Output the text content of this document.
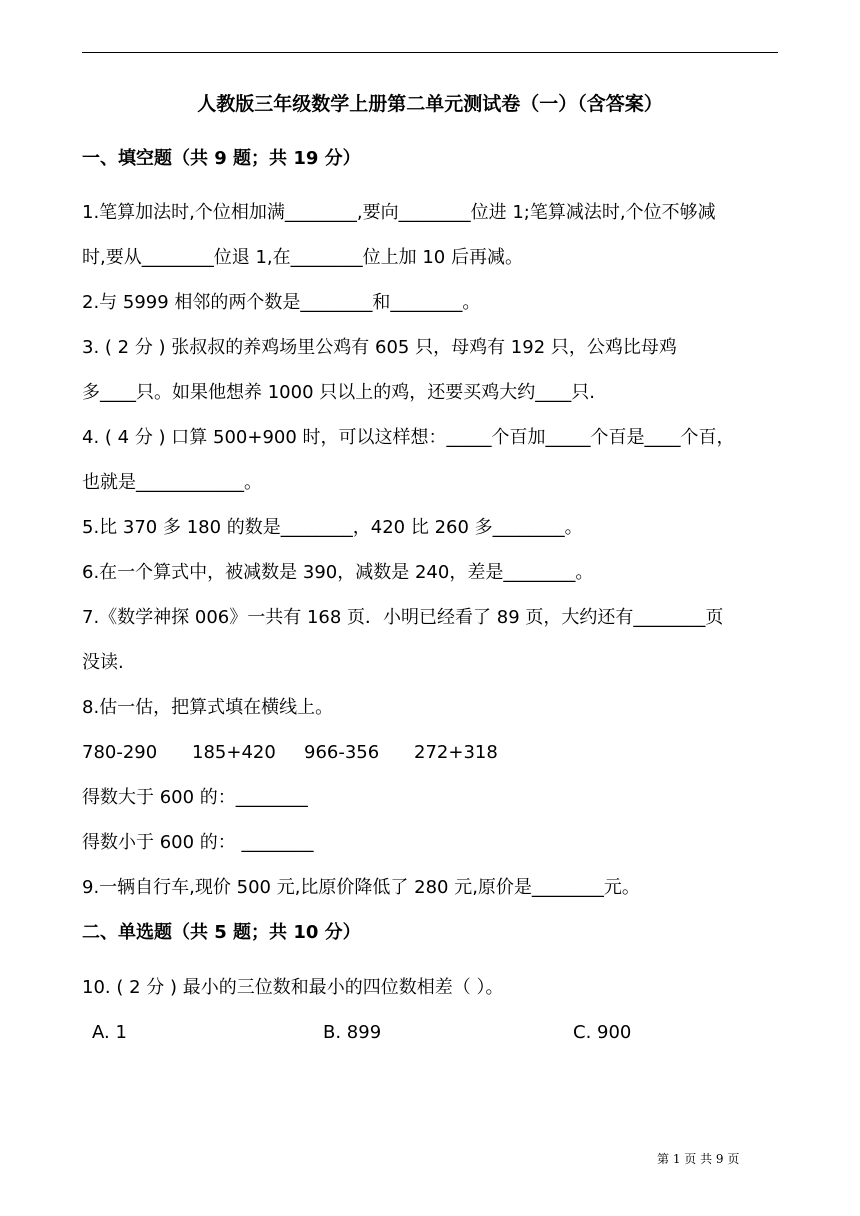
人教版三年级数学上册第二单元测试卷（一）（含答案）
一、填空题（共 9 题；共 19 分）
1.笔算加法时,个位相加满________,要向________位进 1;笔算减法时,个位不够减
时,要从________位退 1,在________位上加 10 后再减。
2.与 5999 相邻的两个数是________和________。
3. ( 2 分 ) 张叔叔的养鸡场里公鸡有 605 只，母鸡有 192 只，公鸡比母鸡
多____只。如果他想养 1000 只以上的鸡，还要买鸡大约____只.
4. ( 4 分 ) 口算 500+900 时，可以这样想：_____个百加_____个百是____个百，
也就是____________。
5.比 370 多 180 的数是________，420 比 260 多________。
6.在一个算式中，被减数是 390，减数是 240，差是________。
7.《数学神探 006》一共有 168 页．小明已经看了 89 页，大约还有________页
没读.
8.估一估，把算式填在横线上。
780-290 185+420 966-356 272+318
得数大于 600 的：________
得数小于 600 的： ________
9.一辆自行车,现价 500 元,比原价降低了 280 元,原价是________元。
二、单选题（共 5 题；共 10 分）
10. ( 2 分 ) 最小的三位数和最小的四位数相差（ ）。
A. 1	B. 899	C. 900
第 1 页 共 9 页
